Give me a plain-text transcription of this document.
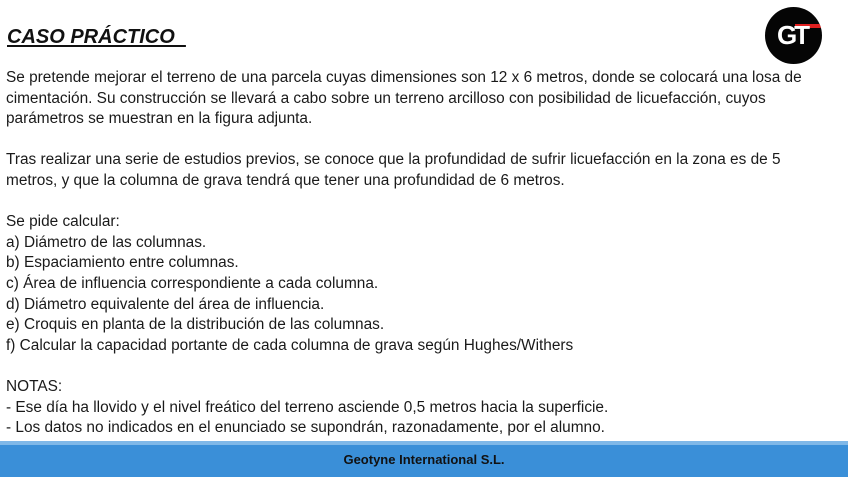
CASO PRÁCTICO	GT

Se pretende mejorar el terreno de una parcela cuyas dimensiones son 12 x 6 metros, donde se colocará una losa de cimentación. Su construcción se llevará a cabo sobre un terreno arcilloso con posibilidad de licuefacción, cuyos parámetros se muestran en la figura adjunta.

Tras realizar una serie de estudios previos, se conoce que la profundidad de sufrir licuefacción en la zona es de 5 metros, y que la columna de grava tendrá que tener una profundidad de 6 metros.

Se pide calcular:

a) Diámetro de las columnas.

b) Espaciamiento entre columnas.

c) Área de influencia correspondiente a cada columna.

d) Diámetro equivalente del área de influencia.

e) Croquis en planta de la distribución de las columnas.

f) Calcular la capacidad portante de cada columna de grava según Hughes/Withers

NOTAS:

- Ese día ha llovido y el nivel freático del terreno asciende 0,5 metros hacia la superficie.

- Los datos no indicados en el enunciado se supondrán, razonadamente, por el alumno.

Geotyne International S.L.
